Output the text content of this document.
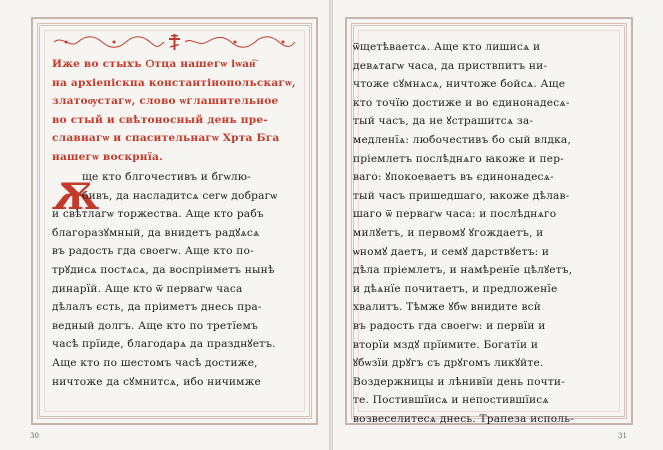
Иже во стыхъ Ѻтца нашегѡ іѡан҇
на архіепіскпа константінопольскагѡ,
златоѹстагѡ, слово ѡглашительное
во стый и свѣтоносный день пре-
славнагѡ и спасительнагѡ Хрта Бга
нашегѡ воскрнїа.
Ѫ
ще кто блгочестивъ и бгѡлю-
бивъ, да насладитсѧ сегѡ добрагѡ
и свѣтлагѡ торжества. Аще кто рабъ
благоразꙋмный, да внидетъ радꙋѧсѧ
въ радость гда своегѡ. Аще кто по-
трꙋдисѧ постѧсѧ, да воспріиметъ нынѣ
динарїй. Аще кто ѿ первагѡ часа
дѣлалъ єсть, да пріиметъ днесь пра-
ведный долгъ. Аще кто по третїемъ
часѣ прїиде, благодарѧ да празднꙋетъ.
Аще кто по шестомъ часѣ достиже,
ничтоже да сꙋмнитсѧ, ибо ничимже
ѿщетѣваетсѧ. Аще кто лишисѧ и
девѧтагѡ часа, да приствпитъ ни-
чтоже сꙋмнѧсѧ, ничтоже бойсѧ. Аще
кто точїю достиже и во єдинонадесѧ-
тый часъ, да не ꙋстрашитсѧ за-
медленїѧ: любочестивъ бо сый влдка,
пріемлетъ послѣднѧго ꙗкоже и пер-
ваго: ꙋпокоеваетъ въ єдинонадесѧ-
тый часъ пришедшаго, ꙗкоже дѣлав-
шаго ѿ первагѡ часа: и послѣднѧго
милꙋетъ, и первомꙋ ꙋгождаетъ, и
ѡномꙋ даетъ, и семꙋ дарствꙋетъ: и
дѣла пріемлетъ, и намѣренїе цѣлꙋетъ,
и дѣѧнїе почитаетъ, и предложенїе
хвалитъ. Тѣмже ꙋбѡ внидите всѝ
въ радость гда своегѡ: и первїи и
вторїи мздꙋ прїимите. Богатїи и
ꙋбѡзїи дрꙋгъ съ дрꙋгомъ ликꙋйте.
Воздержницы и лѣнивїи день почти-
те. Постившїисѧ и непостившїисѧ
возвеселитесѧ днесь. Трапеза исполь-
30	31
